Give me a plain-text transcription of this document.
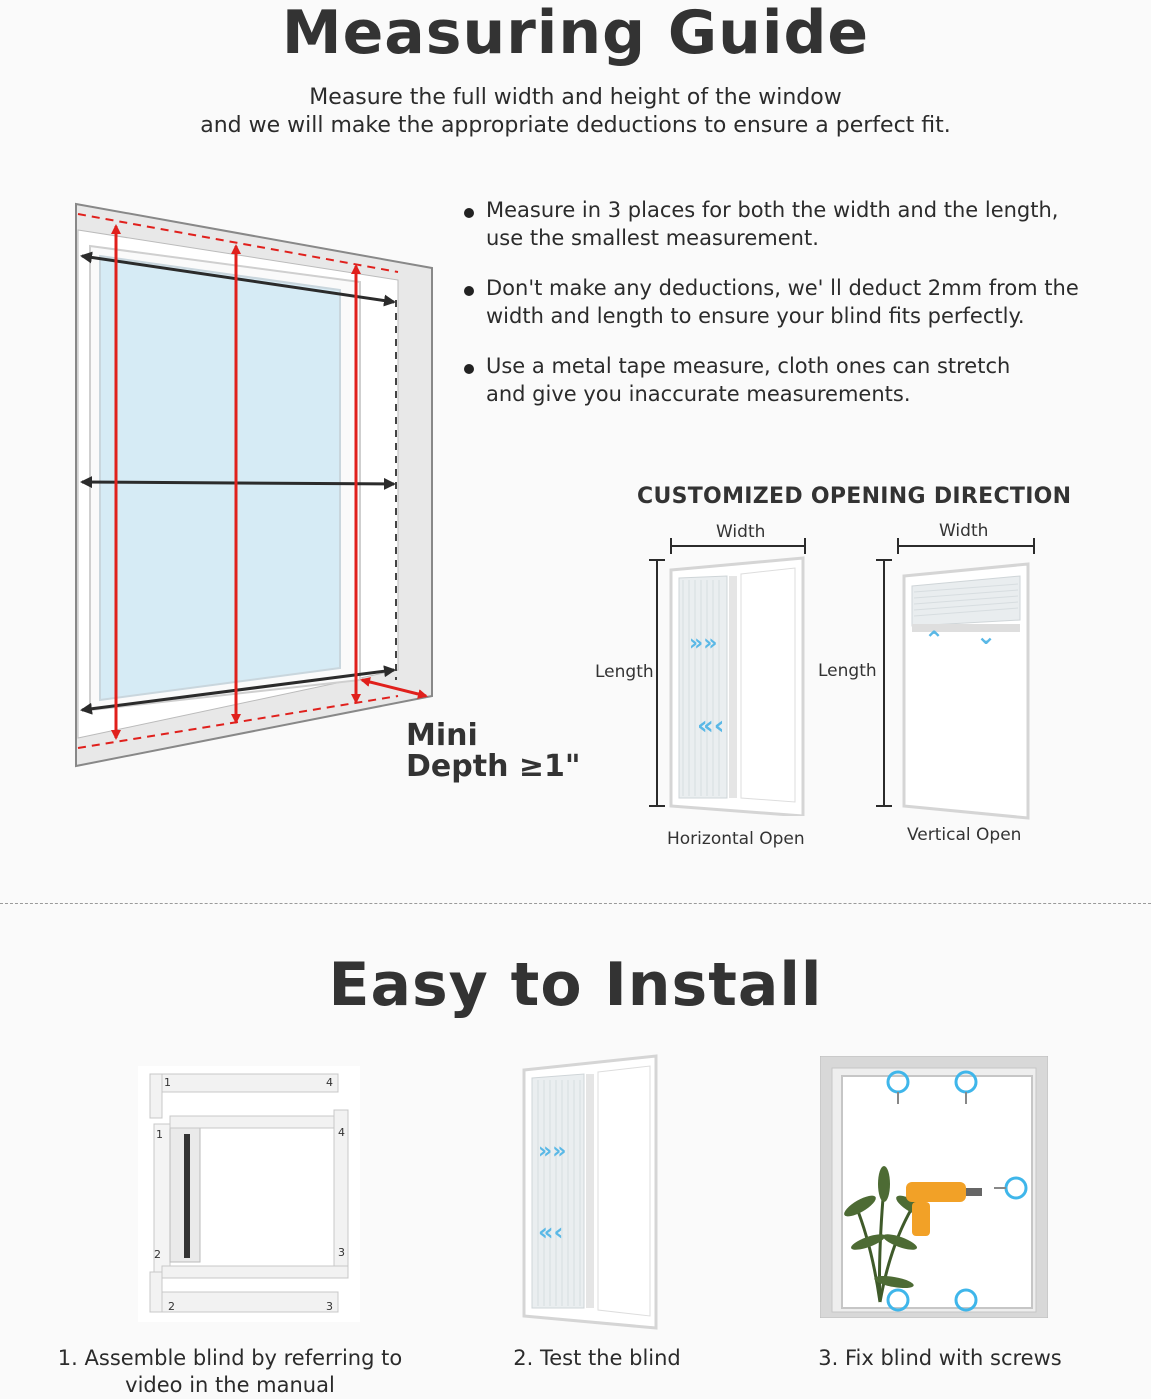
Measuring Guide
Measure the full width and height of the window
and we will make the appropriate deductions to ensure a perfect fit.
Mini
Depth ≥1"
Measure in 3 places for both the width and the length,
use the smallest measurement.
Don't make any deductions, we' ll deduct 2mm from the
width and length to ensure your blind fits perfectly.
Use a metal tape measure, cloth ones can stretch
and give you inaccurate measurements.
CUSTOMIZED OPENING DIRECTION
Width
Length
Horizontal Open
»»
«‹
Width
Length
Vertical Open
⌃ ⌄
Easy to Install
1	4
1	4
2	3
2	3
»»
«‹
1. Assemble blind by referring to
video in the manual
2. Test the blind	3. Fix blind with screws
